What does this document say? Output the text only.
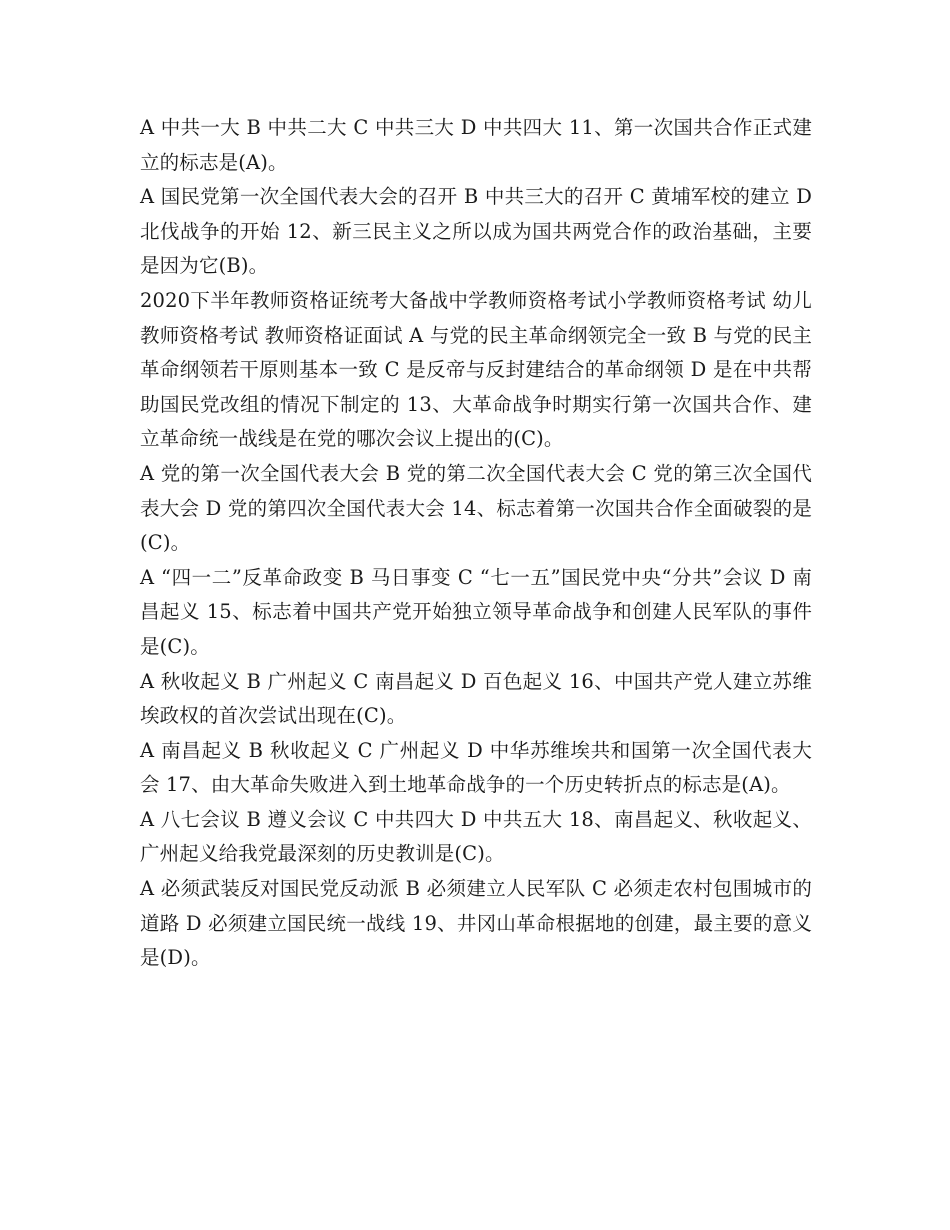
A 中共一大 B 中共二大 C 中共三大 D 中共四大 11、第一次国共合作正式建立的标志是(A)。

A 国民党第一次全国代表大会的召开 B 中共三大的召开 C 黄埔军校的建立 D 北伐战争的开始 12、新三民主义之所以成为国共两党合作的政治基础，主要是因为它(B)。

2020下半年教师资格证统考大备战中学教师资格考试小学教师资格考试 幼儿教师资格考试 教师资格证面试 A 与党的民主革命纲领完全一致 B 与党的民主革命纲领若干原则基本一致 C 是反帝与反封建结合的革命纲领 D 是在中共帮助国民党改组的情况下制定的 13、大革命战争时期实行第一次国共合作、建立革命统一战线是在党的哪次会议上提出的(C)。

A 党的第一次全国代表大会 B 党的第二次全国代表大会 C 党的第三次全国代表大会 D 党的第四次全国代表大会 14、标志着第一次国共合作全面破裂的是(C)。

A “四一二”反革命政变 B 马日事变 C “七一五”国民党中央“分共”会议 D 南昌起义 15、标志着中国共产党开始独立领导革命战争和创建人民军队的事件是(C)。

A 秋收起义 B 广州起义 C 南昌起义 D 百色起义 16、中国共产党人建立苏维埃政权的首次尝试出现在(C)。

A 南昌起义 B 秋收起义 C 广州起义 D 中华苏维埃共和国第一次全国代表大会 17、由大革命失败进入到土地革命战争的一个历史转折点的标志是(A)。

A 八七会议 B 遵义会议 C 中共四大 D 中共五大 18、南昌起义、秋收起义、广州起义给我党最深刻的历史教训是(C)。

A 必须武装反对国民党反动派 B 必须建立人民军队 C 必须走农村包围城市的道路 D 必须建立国民统一战线 19、井冈山革命根据地的创建，最主要的意义是(D)。
